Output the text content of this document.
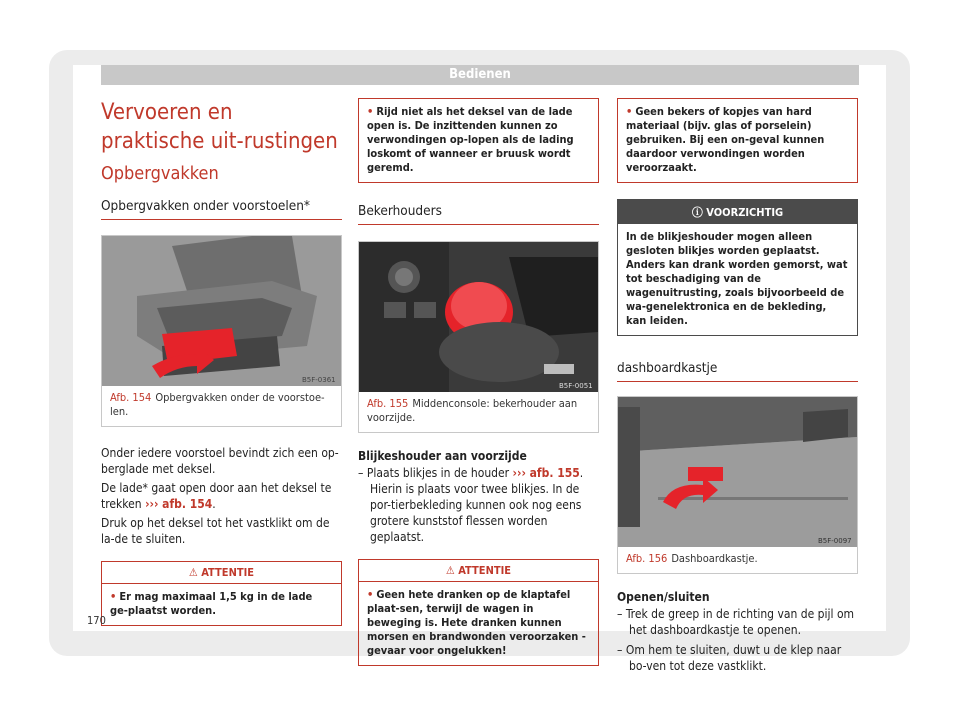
Bedienen
Vervoeren en praktische uit-rustingen
Opbergvakken
Opbergvakken onder voorstoelen*
B5F-0361
Afb. 154 Opbergvakken onder de voorstoe-len.

Onder iedere voorstoel bevindt zich een op-berglade met deksel.

De lade* gaat open door aan het deksel te trekken ››› afb. 154.

Druk op het deksel tot het vastklikt om de la-de te sluiten.

⚠ ATTENTIE
• Er mag maximaal 1,5 kg in de lade ge-plaatst worden.
• Rijd niet als het deksel van de lade open is. De inzittenden kunnen zo verwondingen op-lopen als de lading loskomt of wanneer er bruusk wordt geremd.
Bekerhouders
B5F-0051
Afb. 155 Middenconsole: bekerhouder aan voorzijde.

Blijkeshouder aan voorzijde

– Plaats blikjes in de houder ››› afb. 155. Hierin is plaats voor twee blikjes. In de por-tierbekleding kunnen ook nog eens grotere kunststof flessen worden geplaatst.
⚠ ATTENTIE
• Geen hete dranken op de klaptafel plaat-sen, terwijl de wagen in beweging is. Hete dranken kunnen morsen en brandwonden veroorzaken - gevaar voor ongelukken!
• Geen bekers of kopjes van hard materiaal (bijv. glas of porselein) gebruiken. Bij een on-geval kunnen daardoor verwondingen worden veroorzaakt.
ⓘ VOORZICHTIG
In de blikjeshouder mogen alleen gesloten blikjes worden geplaatst. Anders kan drank worden gemorst, wat tot beschadiging van de wagenuitrusting, zoals bijvoorbeeld de wa-genelektronica en de bekleding, kan leiden.
dashboardkastje
B5F-0097
Afb. 156 Dashboardkastje.

Openen/sluiten

– Trek de greep in de richting van de pijl om het dashboardkastje te openen.
– Om hem te sluiten, duwt u de klep naar bo-ven tot deze vastklikt.
170
